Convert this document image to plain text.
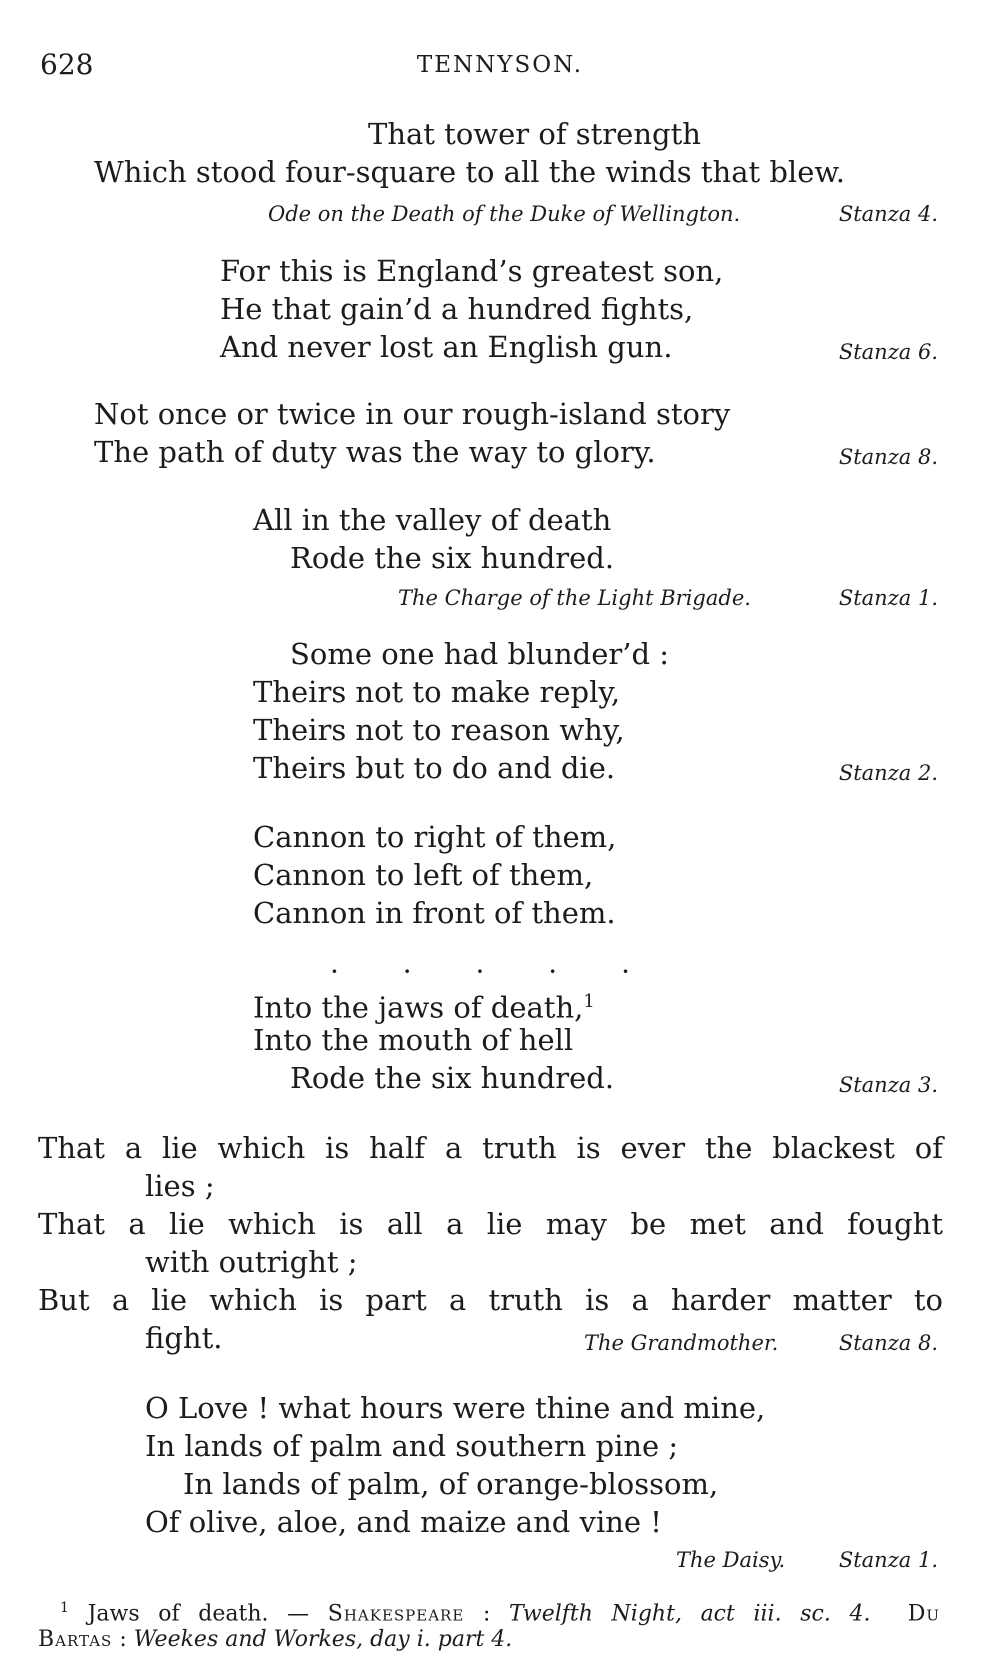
628	TENNYSON.
That tower of strength
Which stood four-square to all the winds that blew.
Ode on the Death of the Duke of Wellington.	Stanza 4.
For this is England’s greatest son,
He that gain’d a hundred fights,
And never lost an English gun.	Stanza 6.
Not once or twice in our rough-island story
The path of duty was the way to glory.	Stanza 8.
All in the valley of death
Rode the six hundred.
The Charge of the Light Brigade.	Stanza 1.
Some one had blunder’d :
Theirs not to make reply,
Theirs not to reason why,
Theirs but to do and die.	Stanza 2.
Cannon to right of them,
Cannon to left of them,
Cannon in front of them.
· · · · ·
Into the jaws of death,$^1$
Into the mouth of hell
Rode the six hundred.	Stanza 3.
That a lie which is half a truth is ever the blackest of
lies ;
That a lie which is all a lie may be met and fought
with outright ;
But a lie which is part a truth is a harder matter to
fight.	The Grandmother.	Stanza 8.
O Love ! what hours were thine and mine,
In lands of palm and southern pine ;
In lands of palm, of orange-blossom,
Of olive, aloe, and maize and vine !
The Daisy.	Stanza 1.
$^1$ Jaws of death. — Shakespeare : Twelfth Night, act iii. sc. 4. Du
Bartas : Weekes and Workes, day i. part 4.
